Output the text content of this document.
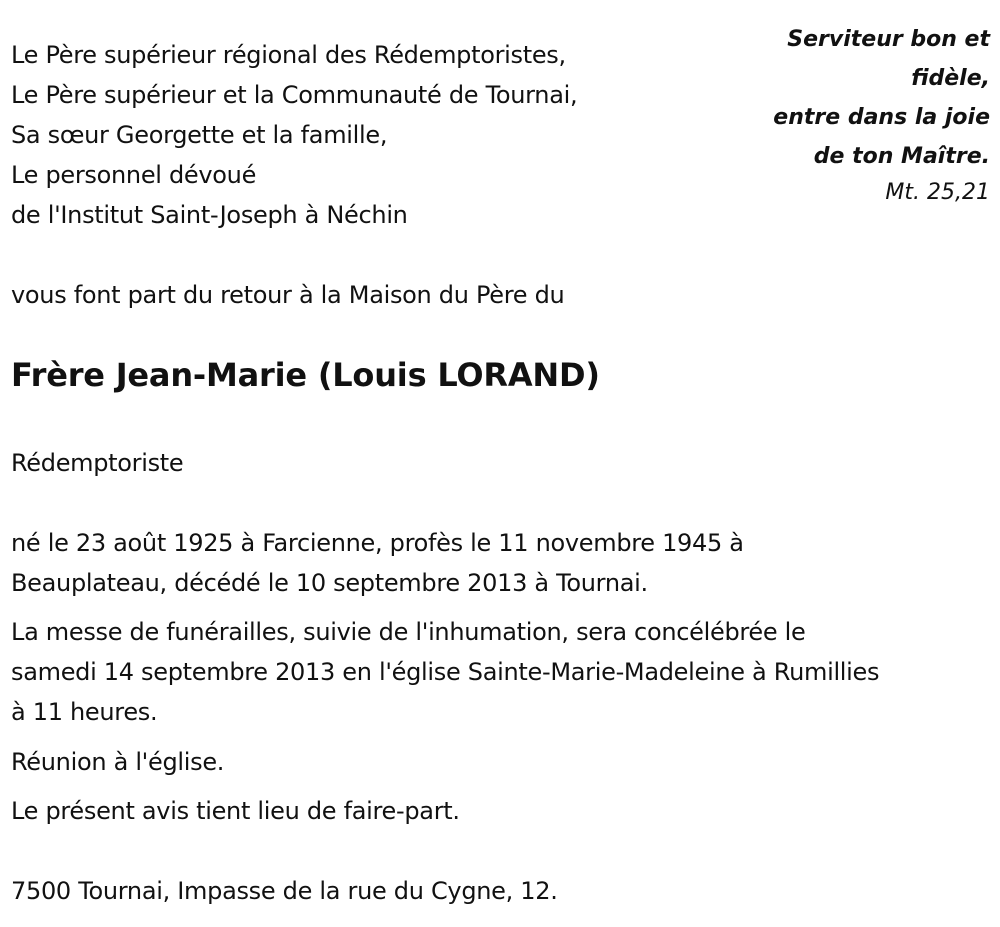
Le Père supérieur régional des Rédemptoristes,
Le Père supérieur et la Communauté de Tournai,
Sa sœur Georgette et la famille,
Le personnel dévoué
de l'Institut Saint-Joseph à Néchin
Serviteur bon et
fidèle,
entre dans la joie
de ton Maître.
Mt. 25,21
vous font part du retour à la Maison du Père du
Frère Jean-Marie (Louis LORAND)
Rédemptoriste
né le 23 août 1925 à Farcienne, profès le 11 novembre 1945 à
Beauplateau, décédé le 10 septembre 2013 à Tournai.
La messe de funérailles, suivie de l'inhumation, sera concélébrée le
samedi 14 septembre 2013 en l'église Sainte-Marie-Madeleine à Rumillies
à 11 heures.
Réunion à l'église.
Le présent avis tient lieu de faire-part.
7500 Tournai, Impasse de la rue du Cygne, 12.
